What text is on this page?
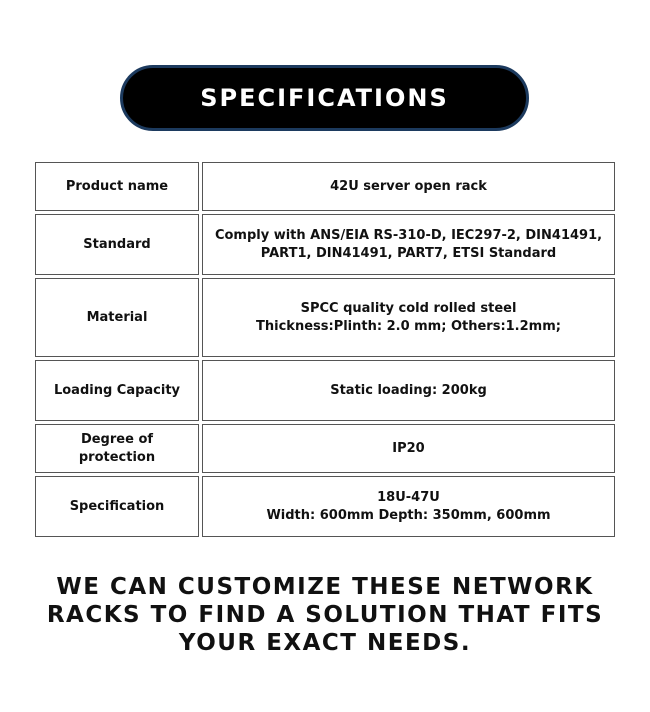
SPECIFICATIONS
Product name	42U server open rack
Standard
Comply with ANS/EIA RS-310-D, IEC297-2, DIN41491,
PART1, DIN41491, PART7, ETSI Standard
Material
SPCC quality cold rolled steel
Thickness:Plinth: 2.0 mm; Others:1.2mm;
Loading Capacity	Static loading: 200kg
Degree of protection
IP20
Specification
18U-47U
Width: 600mm Depth: 350mm, 600mm
WE CAN CUSTOMIZE THESE NETWORK
RACKS TO FIND A SOLUTION THAT FITS
YOUR EXACT NEEDS.
